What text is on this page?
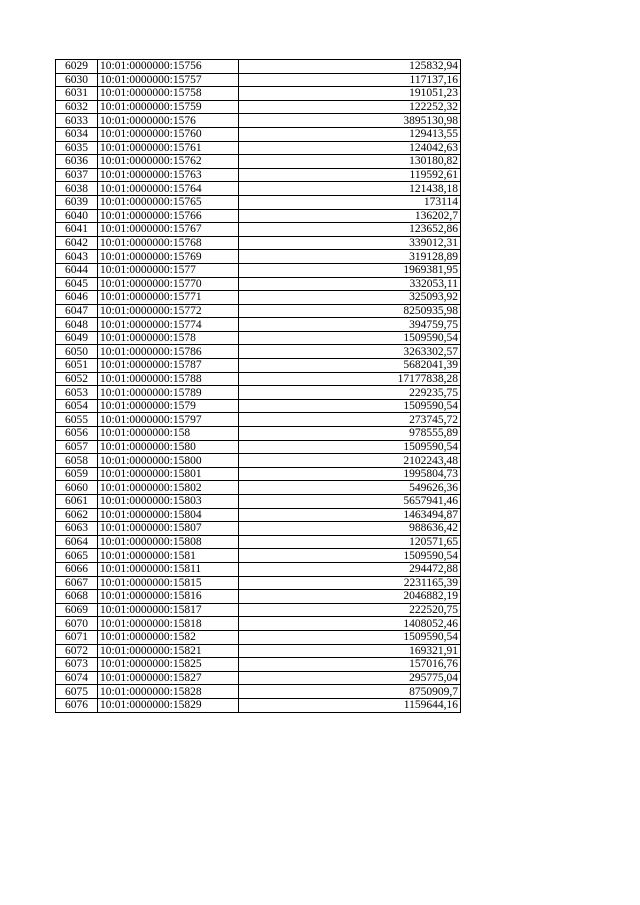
6029	10:01:0000000:15756	125832,94
6030	10:01:0000000:15757	117137,16
6031	10:01:0000000:15758	191051,23
6032	10:01:0000000:15759	122252,32
6033	10:01:0000000:1576	3895130,98
6034	10:01:0000000:15760	129413,55
6035	10:01:0000000:15761	124042,63
6036	10:01:0000000:15762	130180,82
6037	10:01:0000000:15763	119592,61
6038	10:01:0000000:15764	121438,18
6039	10:01:0000000:15765	173114
6040	10:01:0000000:15766	136202,7
6041	10:01:0000000:15767	123652,86
6042	10:01:0000000:15768	339012,31
6043	10:01:0000000:15769	319128,89
6044	10:01:0000000:1577	1969381,95
6045	10:01:0000000:15770	332053,11
6046	10:01:0000000:15771	325093,92
6047	10:01:0000000:15772	8250935,98
6048	10:01:0000000:15774	394759,75
6049	10:01:0000000:1578	1509590,54
6050	10:01:0000000:15786	3263302,57
6051	10:01:0000000:15787	5682041,39
6052	10:01:0000000:15788	17177838,28
6053	10:01:0000000:15789	229235,75
6054	10:01:0000000:1579	1509590,54
6055	10:01:0000000:15797	273745,72
6056	10:01:0000000:158	978555,89
6057	10:01:0000000:1580	1509590,54
6058	10:01:0000000:15800	2102243,48
6059	10:01:0000000:15801	1995804,73
6060	10:01:0000000:15802	549626,36
6061	10:01:0000000:15803	5657941,46
6062	10:01:0000000:15804	1463494,87
6063	10:01:0000000:15807	988636,42
6064	10:01:0000000:15808	120571,65
6065	10:01:0000000:1581	1509590,54
6066	10:01:0000000:15811	294472,88
6067	10:01:0000000:15815	2231165,39
6068	10:01:0000000:15816	2046882,19
6069	10:01:0000000:15817	222520,75
6070	10:01:0000000:15818	1408052,46
6071	10:01:0000000:1582	1509590,54
6072	10:01:0000000:15821	169321,91
6073	10:01:0000000:15825	157016,76
6074	10:01:0000000:15827	295775,04
6075	10:01:0000000:15828	8750909,7
6076	10:01:0000000:15829	1159644,16
